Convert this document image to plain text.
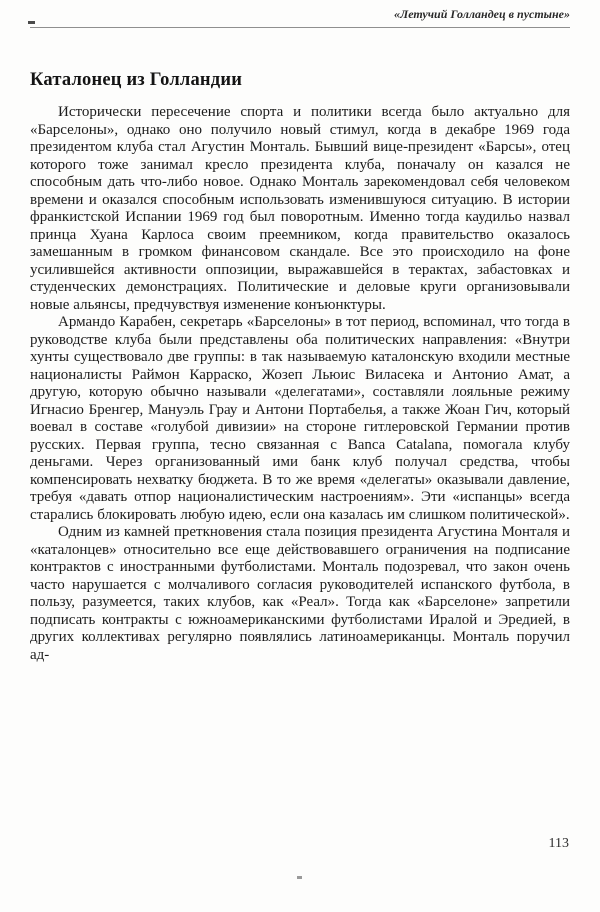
«Летучий Голландец в пустыне»
Каталонец из Голландии

Исторически пересечение спорта и политики всегда было актуально для «Барселоны», однако оно получило новый стимул, когда в декабре 1969 года президентом клуба стал Агустин Монталь. Бывший вице-президент «Барсы», отец которого тоже занимал кресло президента клуба, поначалу он казался не способным дать что-либо новое. Однако Монталь зарекомендовал себя человеком времени и оказался способным использовать изменившуюся ситуацию. В истории франкистской Испании 1969 год был поворотным. Именно тогда каудильо назвал принца Хуана Карлоса своим преемником, когда правительство оказалось замешанным в громком финансовом скандале. Все это происходило на фоне усилившейся активности оппозиции, выражавшейся в терактах, забастовках и студенческих демонстрациях. Политические и деловые круги организовывали новые альянсы, предчувствуя изменение конъюнктуры.

Армандо Карабен, секретарь «Барселоны» в тот период, вспоминал, что тогда в руководстве клуба были представлены оба политических направления: «Внутри хунты существовало две группы: в так называемую каталонскую входили местные националисты Раймон Карраско, Жозеп Льюис Виласека и Антонио Амат, а другую, которую обычно называли «делегатами», составляли лояльные режиму Игнасио Бренгер, Мануэль Грау и Антони Портабелья, а также Жоан Гич, который воевал в составе «голубой дивизии» на стороне гитлеровской Германии против русских. Первая группа, тесно связанная с Banca Catalana, помогала клубу деньгами. Через организованный ими банк клуб получал средства, чтобы компенсировать нехватку бюджета. В то же время «делегаты» оказывали давление, требуя «давать отпор националистическим настроениям». Эти «испанцы» всегда старались блокировать любую идею, если она казалась им слишком политической».

Одним из камней преткновения стала позиция президента Агустина Монталя и «каталонцев» относительно все еще действовавшего ограничения на подписание контрактов с иностранными футболистами. Монталь подозревал, что закон очень часто нарушается с молчаливого согласия руководителей испанского футбола, в пользу, разумеется, таких клубов, как «Реал». Тогда как «Барселоне» запретили подписать контракты с южноамериканскими футболистами Иралой и Эредией, в других коллективах регулярно появлялись латиноамериканцы. Монталь поручил ад-

113
